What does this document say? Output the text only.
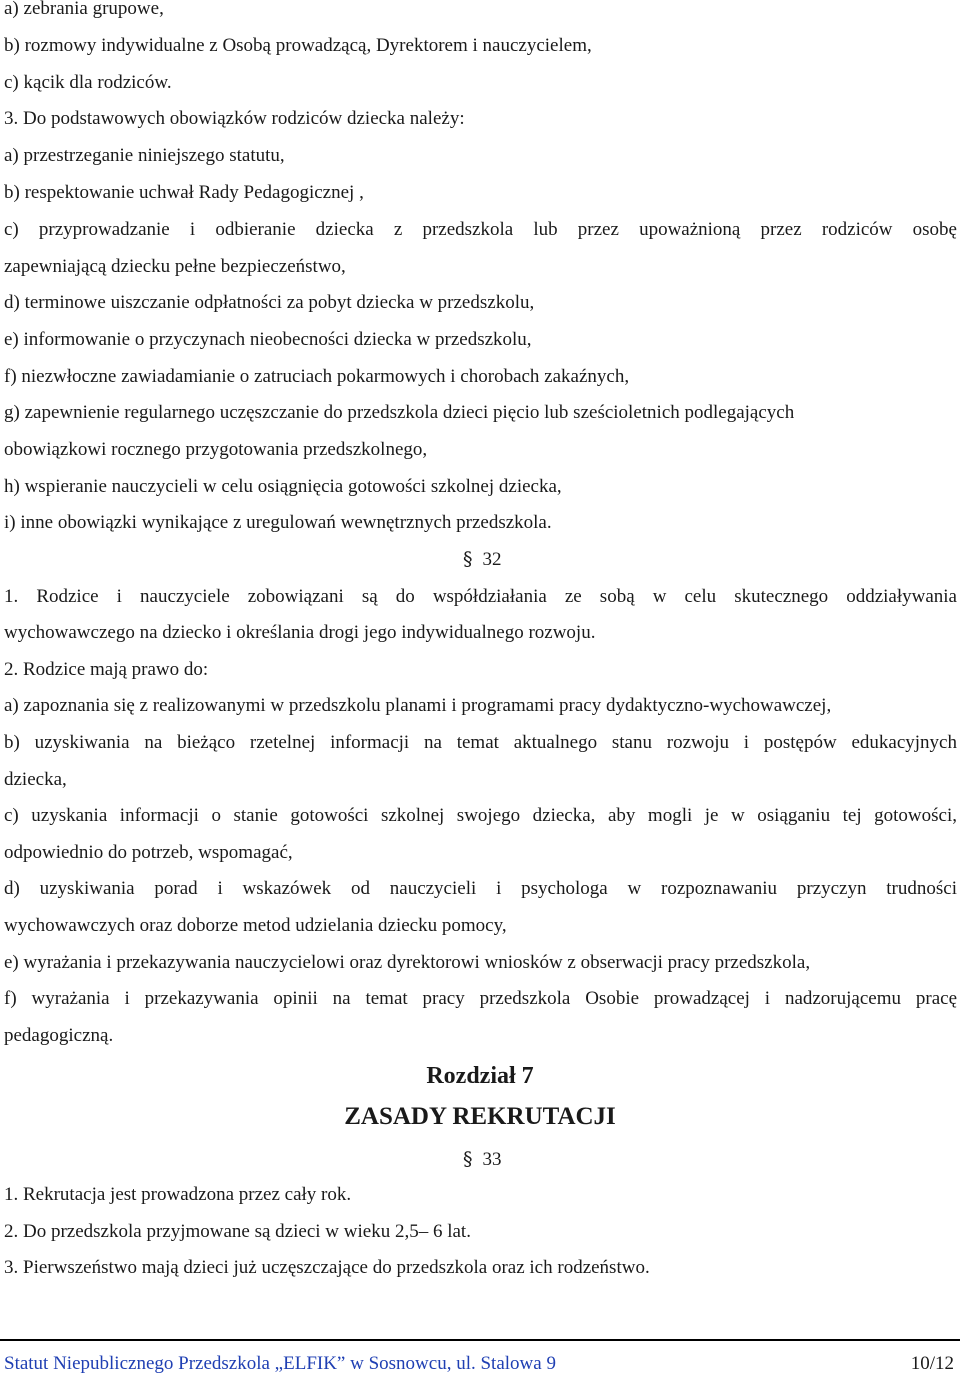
a) zebrania grupowe,

b) rozmowy indywidualne z Osobą prowadzącą, Dyrektorem i nauczycielem,

c) kącik dla rodziców.

3. Do podstawowych obowiązków rodziców dziecka należy:

a) przestrzeganie niniejszego statutu,

b) respektowanie uchwał Rady Pedagogicznej ,

c) przyprowadzanie i odbieranie dziecka z przedszkola lub przez upoważnioną przez rodziców osobę

zapewniającą dziecku pełne bezpieczeństwo,

d) terminowe uiszczanie odpłatności za pobyt dziecka w przedszkolu,

e) informowanie o przyczynach nieobecności dziecka w przedszkolu,

f) niezwłoczne zawiadamianie o zatruciach pokarmowych i chorobach zakaźnych,

g) zapewnienie regularnego uczęszczanie do przedszkola dzieci pięcio lub sześcioletnich podlegających

obowiązkowi rocznego przygotowania przedszkolnego,

h) wspieranie nauczycieli w celu osiągnięcia gotowości szkolnej dziecka,

i) inne obowiązki wynikające z uregulowań wewnętrznych przedszkola.

§ 32

1. Rodzice i nauczyciele zobowiązani są do współdziałania ze sobą w celu skutecznego oddziaływania

wychowawczego na dziecko i określania drogi jego indywidualnego rozwoju.

2. Rodzice mają prawo do:

a) zapoznania się z realizowanymi w przedszkolu planami i programami pracy dydaktyczno-wychowawczej,

b) uzyskiwania na bieżąco rzetelnej informacji na temat aktualnego stanu rozwoju i postępów edukacyjnych

dziecka,

c) uzyskania informacji o stanie gotowości szkolnej swojego dziecka, aby mogli je w osiąganiu tej gotowości,

odpowiednio do potrzeb, wspomagać,

d) uzyskiwania porad i wskazówek od nauczycieli i psychologa w rozpoznawaniu przyczyn trudności

wychowawczych oraz doborze metod udzielania dziecku pomocy,

e) wyrażania i przekazywania nauczycielowi oraz dyrektorowi wniosków z obserwacji pracy przedszkola,

f) wyrażania i przekazywania opinii na temat pracy przedszkola Osobie prowadzącej i nadzorującemu pracę

pedagogiczną.

Rozdział 7
ZASADY REKRUTACJI
§ 33

1. Rekrutacja jest prowadzona przez cały rok.

2. Do przedszkola przyjmowane są dzieci w wieku 2,5– 6 lat.

3. Pierwszeństwo mają dzieci już uczęszczające do przedszkola oraz ich rodzeństwo.

Statut Niepublicznego Przedszkola „ELFIK” w Sosnowcu, ul. Stalowa 9	10/12
